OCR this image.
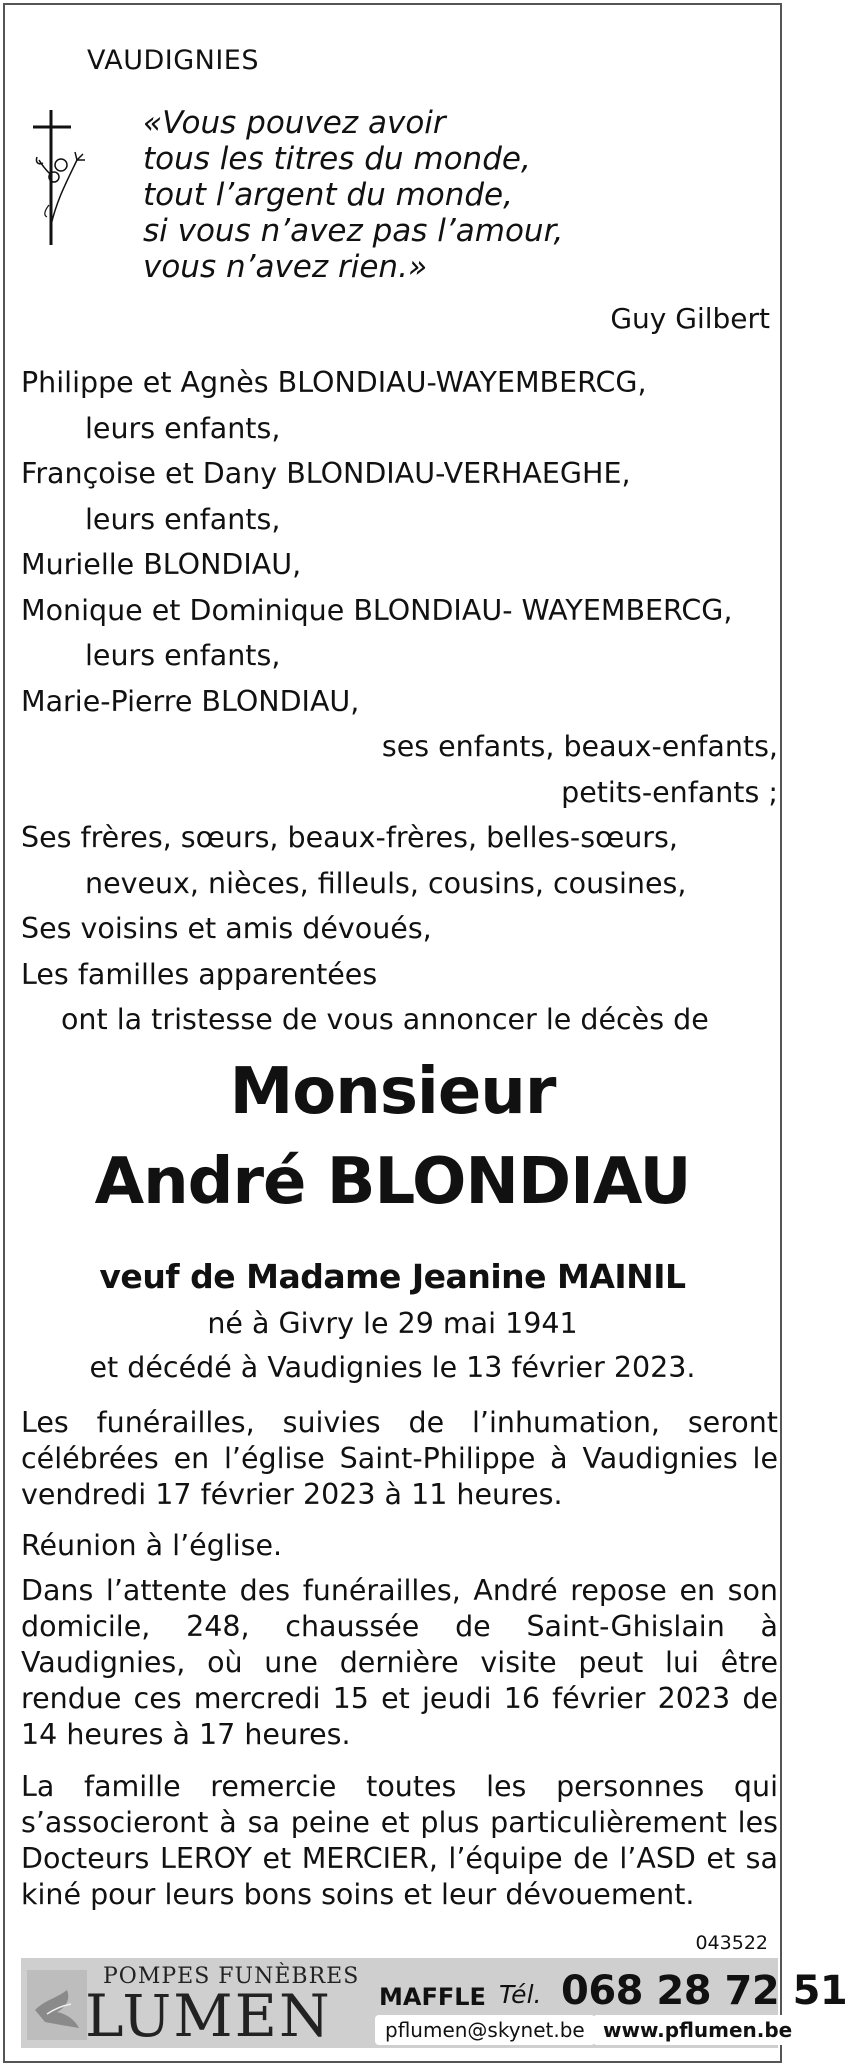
VAUDIGNIES
«Vous pouvez avoir
tous les titres du monde,
tout l’argent du monde,
si vous n’avez pas l’amour,
vous n’avez rien.»
Guy Gilbert
Philippe et Agnès BLONDIAU-WAYEMBERCG,
leurs enfants,
Françoise et Dany BLONDIAU-VERHAEGHE,
leurs enfants,
Murielle BLONDIAU,
Monique et Dominique BLONDIAU- WAYEMBERCG,
leurs enfants,
Marie-Pierre BLONDIAU,
ses enfants, beaux-enfants,
petits-enfants ;
Ses frères, sœurs, beaux-frères, belles-sœurs,
neveux, nièces, filleuls, cousins, cousines,
Ses voisins et amis dévoués,
Les familles apparentées
ont la tristesse de vous annoncer le décès de
Monsieur
André BLONDIAU
veuf de Madame Jeanine MAINIL
né à Givry le 29 mai 1941
et décédé à Vaudignies le 13 février 2023.
Les funérailles, suivies de l’inhumation, seront célébrées en l’église Saint-Philippe à Vaudignies le vendredi 17 février 2023 à 11 heures.
Réunion à l’église.
Dans l’attente des funérailles, André repose en son domicile, 248, chaussée de Saint-Ghislain à Vaudignies, où une dernière visite peut lui être rendue ces mercredi 15 et jeudi 16 février 2023 de 14 heures à 17 heures.
La famille remercie toutes les personnes qui s’associeront à sa peine et plus particulièrement les Docteurs LEROY et MERCIER, l’équipe de l’ASD et sa kiné pour leurs bons soins et leur dévouement.
043522
POMPES FUNÈBRES
LUMEN MAFFLE Tél. 068 28 72 51
pflumen@skynet.be www.pflumen.be
